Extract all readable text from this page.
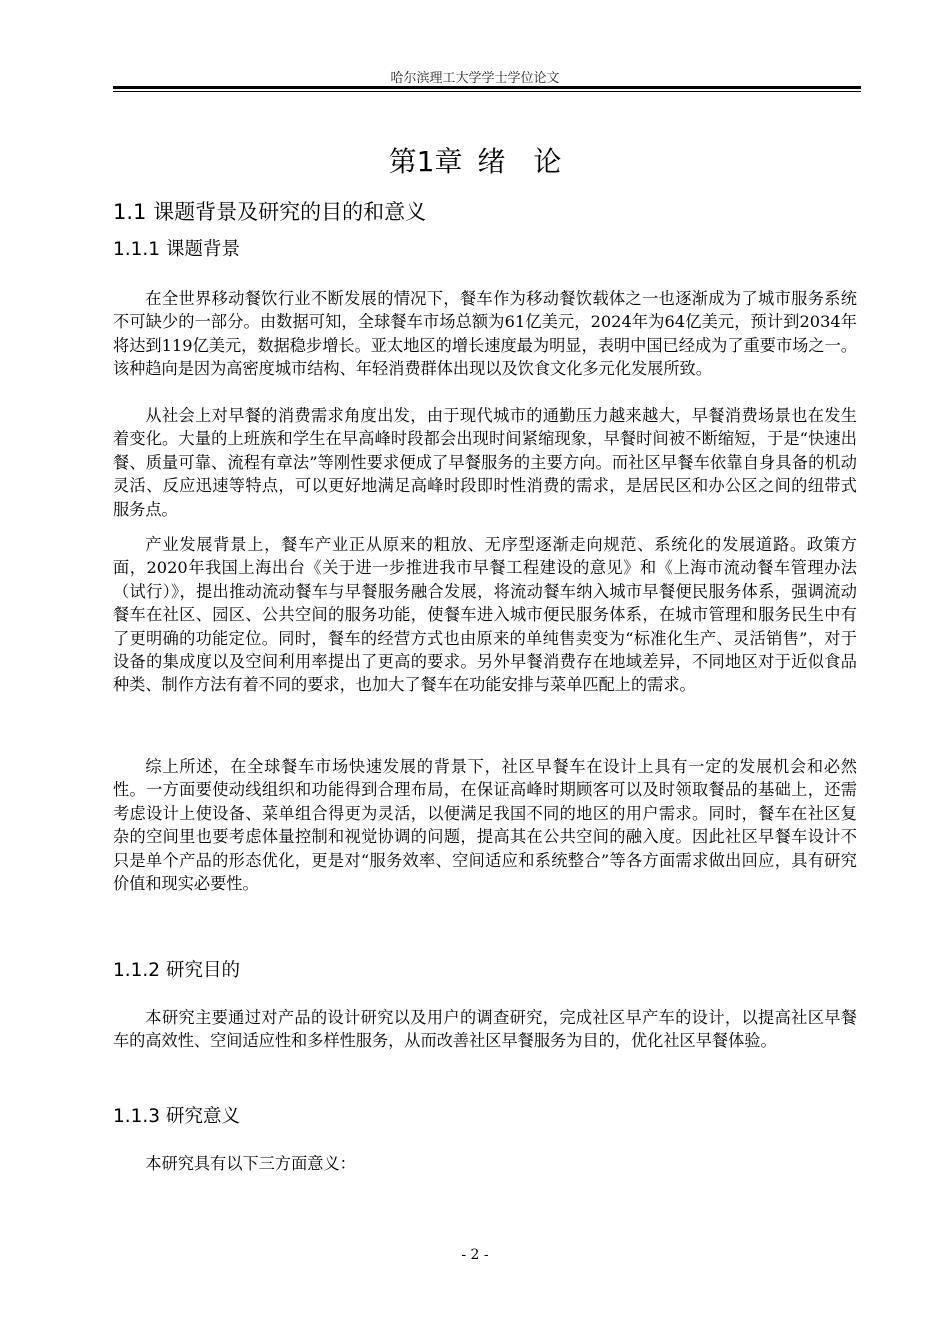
哈尔滨理工大学学士学位论文
第1章 绪　论
1.1 课题背景及研究的目的和意义
1.1.1 课题背景

在全世界移动餐饮行业不断发展的情况下，餐车作为移动餐饮载体之一也逐渐成为了城市服务系统不可缺少的一部分。由数据可知，全球餐车市场总额为61亿美元，2024年为64亿美元，预计到2034年将达到119亿美元，数据稳步增长。亚太地区的增长速度最为明显，表明中国已经成为了重要市场之一。该种趋向是因为高密度城市结构、年轻消费群体出现以及饮食文化多元化发展所致。

从社会上对早餐的消费需求角度出发，由于现代城市的通勤压力越来越大，早餐消费场景也在发生着变化。大量的上班族和学生在早高峰时段都会出现时间紧缩现象，早餐时间被不断缩短，于是“快速出餐、质量可靠、流程有章法”等刚性要求便成了早餐服务的主要方向。而社区早餐车依靠自身具备的机动灵活、反应迅速等特点，可以更好地满足高峰时段即时性消费的需求，是居民区和办公区之间的纽带式服务点。

产业发展背景上，餐车产业正从原来的粗放、无序型逐渐走向规范、系统化的发展道路。政策方面，2020年我国上海出台《关于进一步推进我市早餐工程建设的意见》和《上海市流动餐车管理办法（试行）》，提出推动流动餐车与早餐服务融合发展，将流动餐车纳入城市早餐便民服务体系，强调流动餐车在社区、园区、公共空间的服务功能，使餐车进入城市便民服务体系，在城市管理和服务民生中有了更明确的功能定位。同时，餐车的经营方式也由原来的单纯售卖变为“标准化生产、灵活销售”，对于设备的集成度以及空间利用率提出了更高的要求。另外早餐消费存在地域差异，不同地区对于近似食品种类、制作方法有着不同的要求，也加大了餐车在功能安排与菜单匹配上的需求。

综上所述，在全球餐车市场快速发展的背景下，社区早餐车在设计上具有一定的发展机会和必然性。一方面要使动线组织和功能得到合理布局，在保证高峰时期顾客可以及时领取餐品的基础上，还需考虑设计上使设备、菜单组合得更为灵活，以便满足我国不同的地区的用户需求。同时，餐车在社区复杂的空间里也要考虑体量控制和视觉协调的问题，提高其在公共空间的融入度。因此社区早餐车设计不只是单个产品的形态优化，更是对“服务效率、空间适应和系统整合”等各方面需求做出回应，具有研究价值和现实必要性。

1.1.2 研究目的

本研究主要通过对产品的设计研究以及用户的调查研究，完成社区早产车的设计，以提高社区早餐车的高效性、空间适应性和多样性服务，从而改善社区早餐服务为目的，优化社区早餐体验。

1.1.3 研究意义

本研究具有以下三方面意义：

- 2 -
